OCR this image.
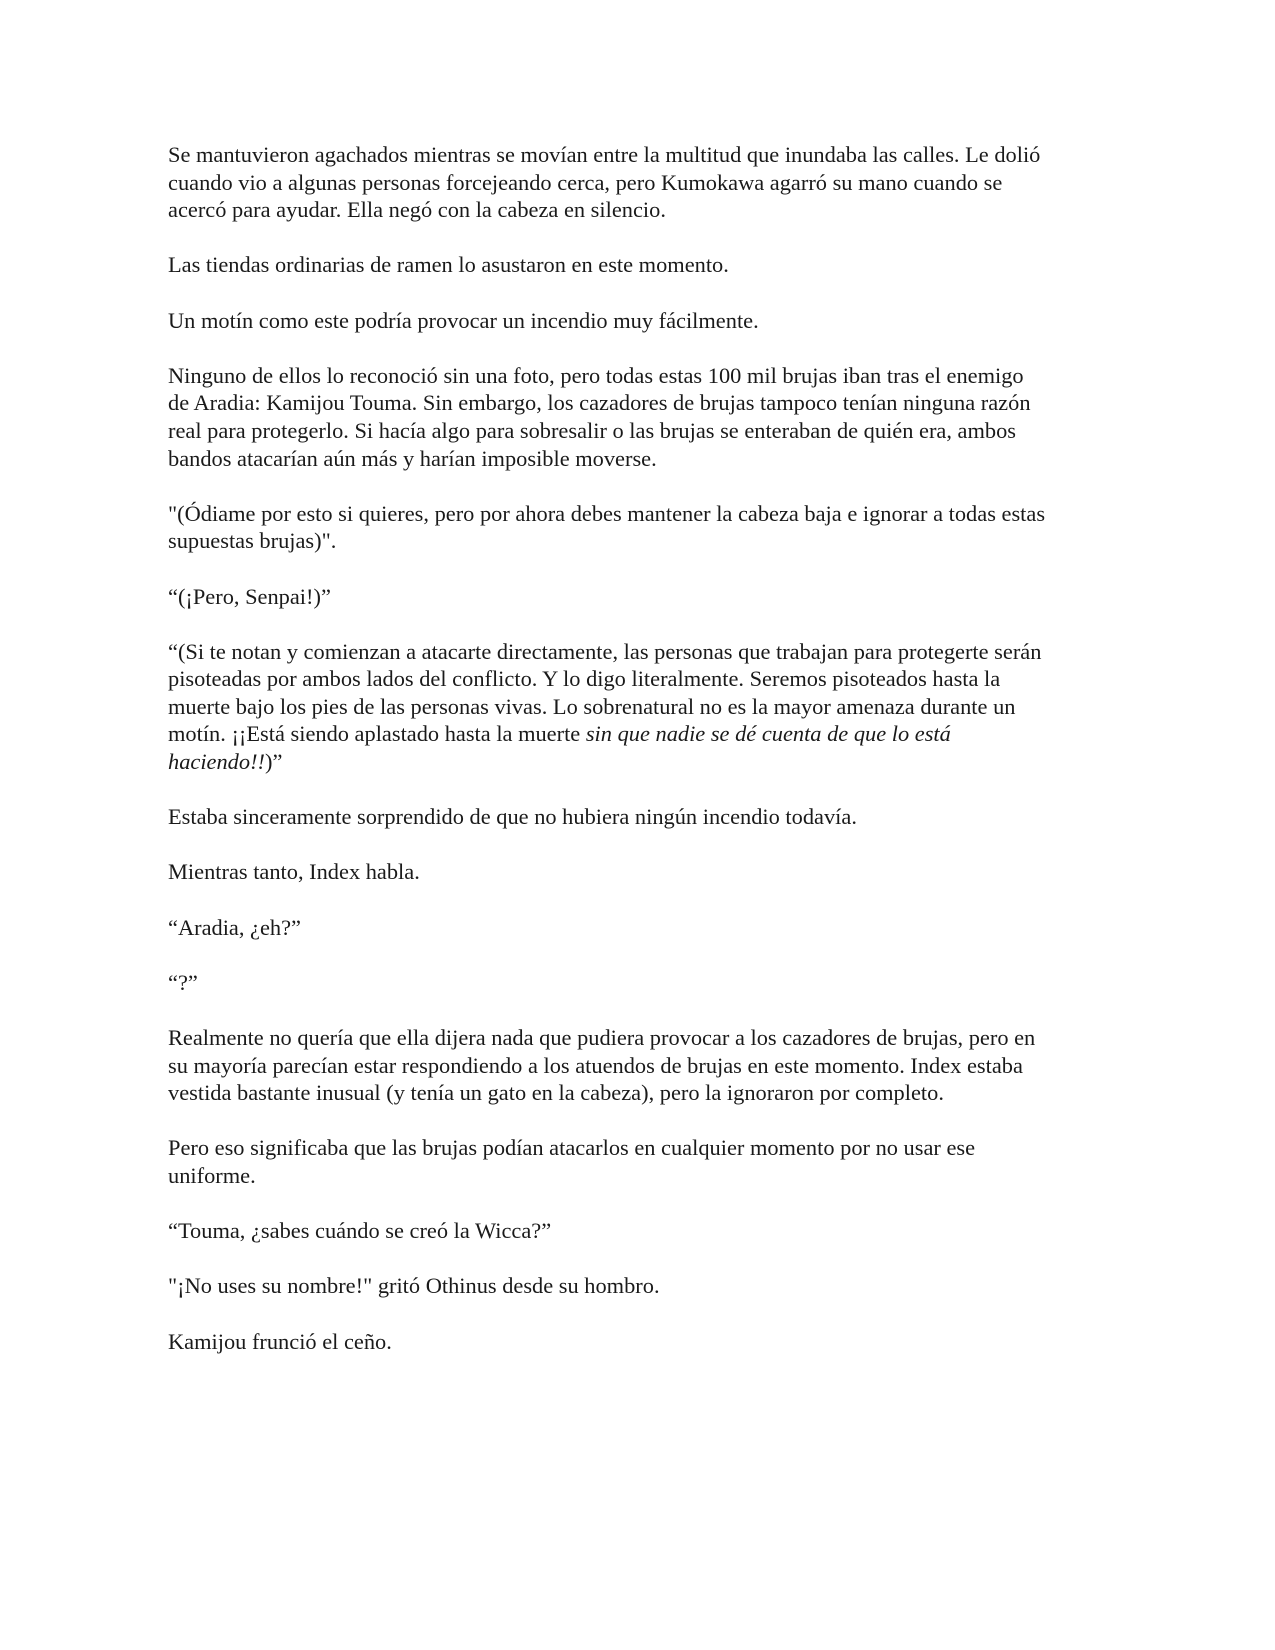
Se mantuvieron agachados mientras se movían entre la multitud que inundaba las calles. Le dolió cuando vio a algunas personas forcejeando cerca, pero Kumokawa agarró su mano cuando se acercó para ayudar. Ella negó con la cabeza en silencio.

Las tiendas ordinarias de ramen lo asustaron en este momento.

Un motín como este podría provocar un incendio muy fácilmente.

Ninguno de ellos lo reconoció sin una foto, pero todas estas 100 mil brujas iban tras el enemigo de Aradia: Kamijou Touma. Sin embargo, los cazadores de brujas tampoco tenían ninguna razón real para protegerlo. Si hacía algo para sobresalir o las brujas se enteraban de quién era, ambos bandos atacarían aún más y harían imposible moverse.

"(Ódiame por esto si quieres, pero por ahora debes mantener la cabeza baja e ignorar a todas estas supuestas brujas)".

“(¡Pero, Senpai!)”

“(Si te notan y comienzan a atacarte directamente, las personas que trabajan para protegerte serán pisoteadas por ambos lados del conflicto. Y lo digo literalmente. Seremos pisoteados hasta la muerte bajo los pies de las personas vivas. Lo sobrenatural no es la mayor amenaza durante un motín. ¡¡Está siendo aplastado hasta la muerte sin que nadie se dé cuenta de que lo está haciendo!!)”

Estaba sinceramente sorprendido de que no hubiera ningún incendio todavía.

Mientras tanto, Index habla.

“Aradia, ¿eh?”

“?”

Realmente no quería que ella dijera nada que pudiera provocar a los cazadores de brujas, pero en su mayoría parecían estar respondiendo a los atuendos de brujas en este momento. Index estaba vestida bastante inusual (y tenía un gato en la cabeza), pero la ignoraron por completo.

Pero eso significaba que las brujas podían atacarlos en cualquier momento por no usar ese uniforme.

“Touma, ¿sabes cuándo se creó la Wicca?”

"¡No uses su nombre!" gritó Othinus desde su hombro.

Kamijou frunció el ceño.
